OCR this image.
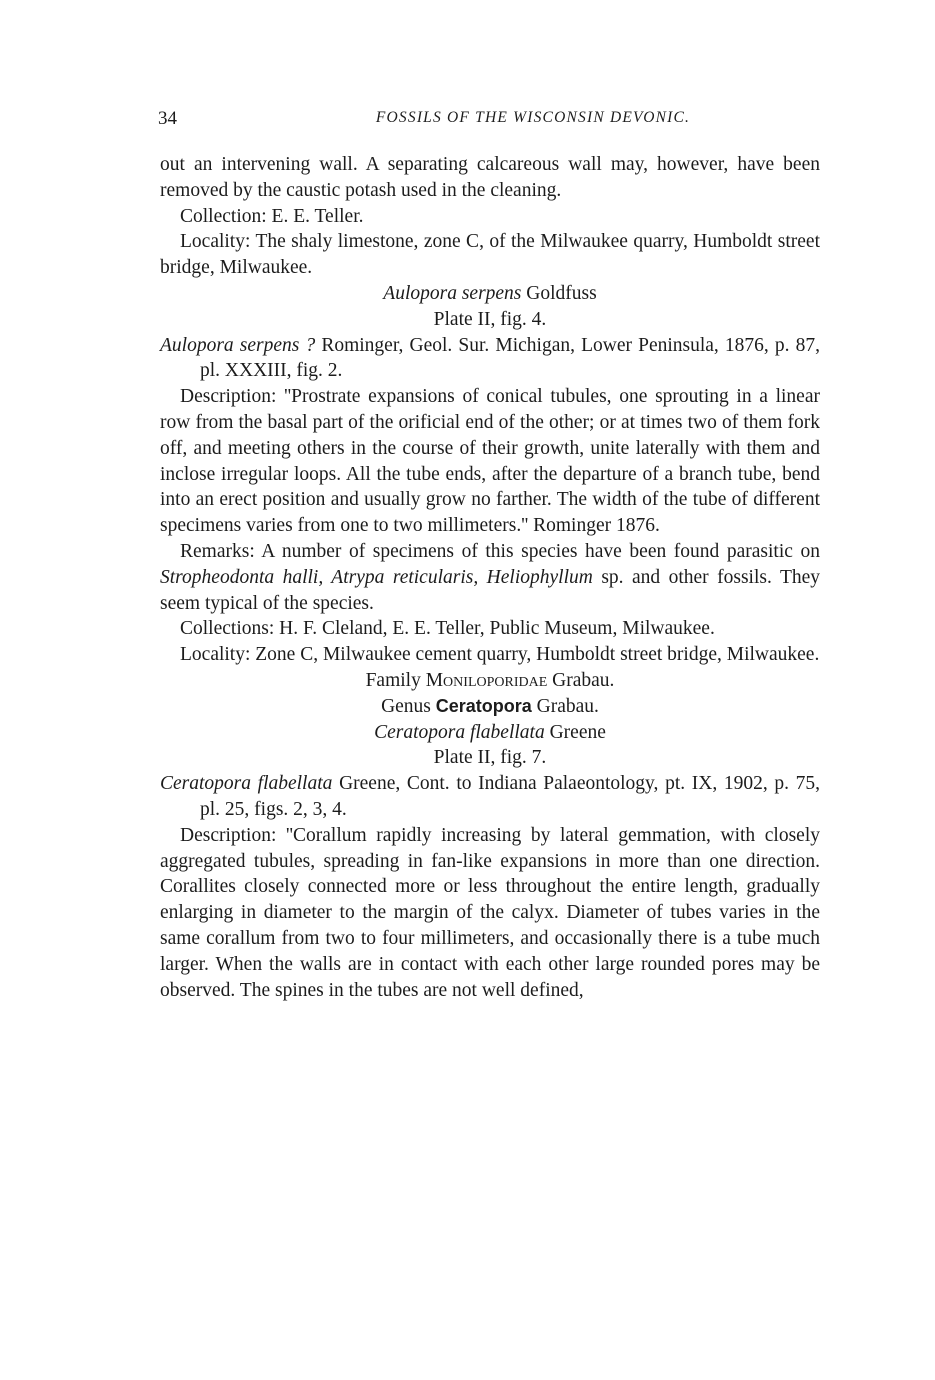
34	FOSSILS OF THE WISCONSIN DEVONIC.

out an intervening wall. A separating calcareous wall may, however, have been removed by the caustic potash used in the cleaning.

Collection: E. E. Teller.

Locality: The shaly limestone, zone C, of the Milwaukee quarry, Humboldt street bridge, Milwaukee.

Aulopora serpens Goldfuss

Plate II, fig. 4.

Aulopora serpens ? Rominger, Geol. Sur. Michigan, Lower Peninsula, 1876, p. 87, pl. XXXIII, fig. 2.

Description: ''Prostrate expansions of conical tubules, one sprouting in a linear row from the basal part of the orificial end of the other; or at times two of them fork off, and meeting others in the course of their growth, unite laterally with them and inclose irregular loops. All the tube ends, after the departure of a branch tube, bend into an erect position and usually grow no farther. The width of the tube of different specimens varies from one to two millimeters.'' Rominger 1876.

Remarks: A number of specimens of this species have been found parasitic on Stropheodonta halli, Atrypa reticularis, Heliophyllum sp. and other fossils. They seem typical of the species.

Collections: H. F. Cleland, E. E. Teller, Public Museum, Milwaukee.

Locality: Zone C, Milwaukee cement quarry, Humboldt street bridge, Milwaukee.

Family Moniloporidae Grabau.

Genus Ceratopora Grabau.

Ceratopora flabellata Greene

Plate II, fig. 7.

Ceratopora flabellata Greene, Cont. to Indiana Palaeontology, pt. IX, 1902, p. 75, pl. 25, figs. 2, 3, 4.

Description: ''Corallum rapidly increasing by lateral gemmation, with closely aggregated tubules, spreading in fan-like expansions in more than one direction. Corallites closely connected more or less throughout the entire length, gradually enlarging in diameter to the margin of the calyx. Diameter of tubes varies in the same corallum from two to four millimeters, and occasionally there is a tube much larger. When the walls are in contact with each other large rounded pores may be observed. The spines in the tubes are not well defined,
